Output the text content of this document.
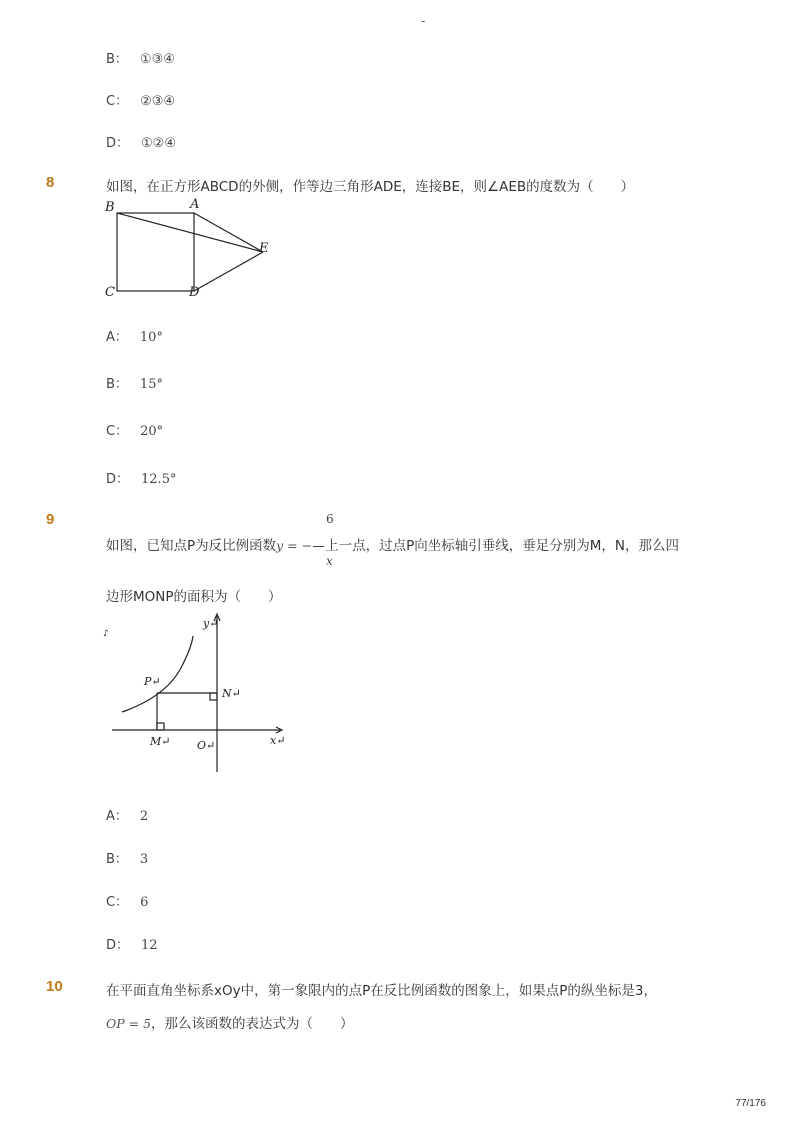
-
B： ①③④
C： ②③④
D： ①②④
8	如图，在正方形ABCD的外侧，作等边三角形ADE，连接BE，则∠AEB的度数为（　　）
B	A
E
C	D
A： 10°
B： 15°
C： 20°
D： 12.5°
9	6
如图，已知点P为反比例函数y = − 上一点，过点P向坐标轴引垂线，垂足分别为M，N，那么四
x
边形MONP的面积为（　　）
y↵
x↵
P↵
N↵
M↵ O↵
♪
A： 2
B： 3
C： 6
D： 12
10	在平面直角坐标系xOy中，第一象限内的点P在反比例函数的图象上，如果点P的纵坐标是3，
OP = 5，那么该函数的表达式为（　　）
77/176
